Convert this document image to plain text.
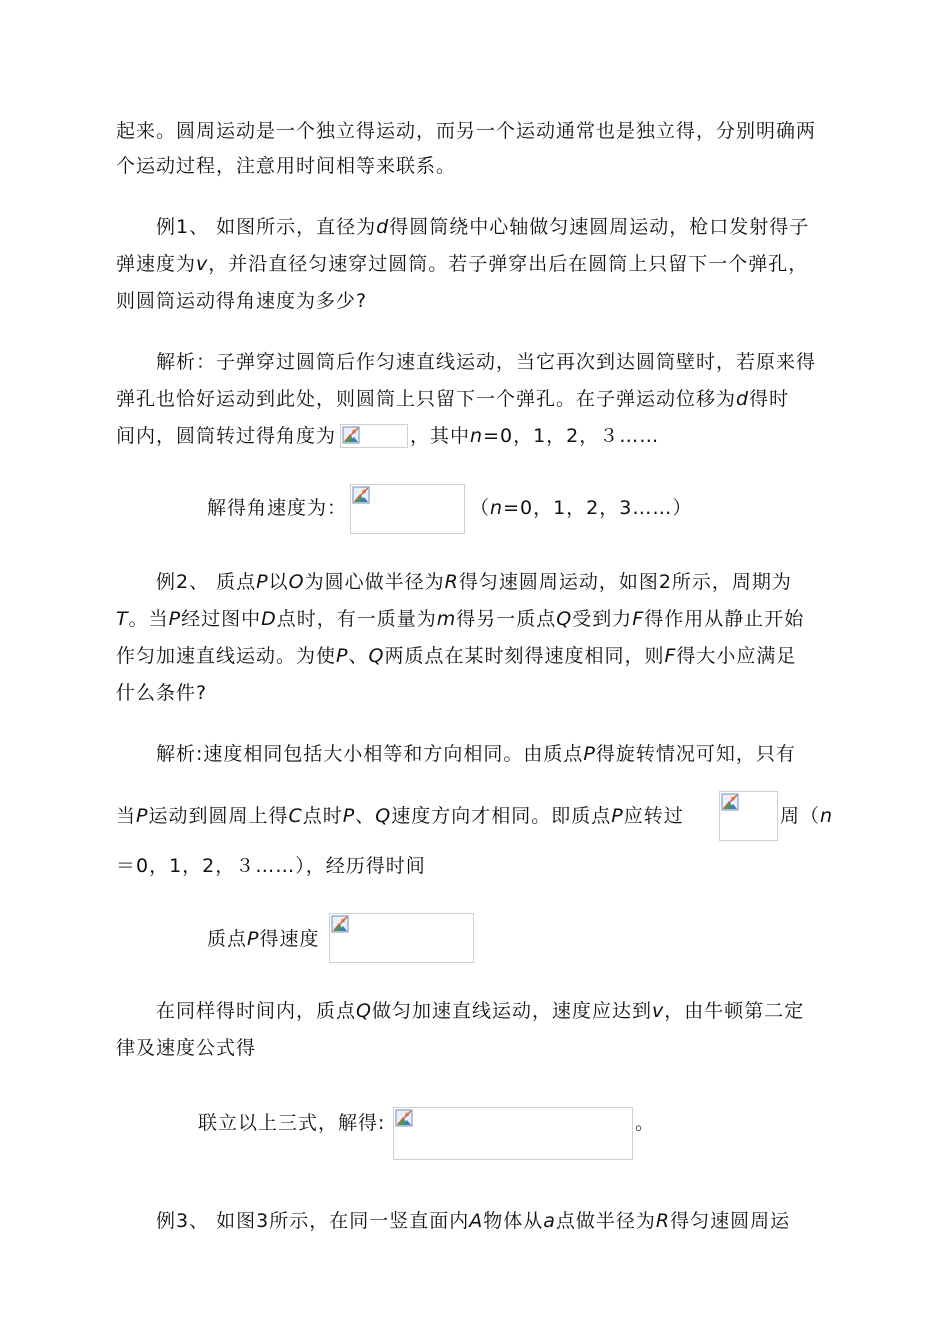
起来。圆周运动是一个独立得运动，而另一个运动通常也是独立得，分别明确两
个运动过程，注意用时间相等来联系。
例1、 如图所示，直径为d得圆筒绕中心轴做匀速圆周运动，枪口发射得子
弹速度为v，并沿直径匀速穿过圆筒。若子弹穿出后在圆筒上只留下一个弹孔，
则圆筒运动得角速度为多少?
解析：子弹穿过圆筒后作匀速直线运动，当它再次到达圆筒壁时，若原来得
弹孔也恰好运动到此处，则圆筒上只留下一个弹孔。在子弹运动位移为d得时
间内，圆筒转过得角度为	，其中n=0，1，2，３……
解得角速度为：	（n=0，1，2，3……）
例2、 质点P以O为圆心做半径为R得匀速圆周运动，如图2所示，周期为
T。当P经过图中D点时，有一质量为m得另一质点Q受到力F得作用从静止开始
作匀加速直线运动。为使P、Q两质点在某时刻得速度相同，则F得大小应满足
什么条件?
解析:速度相同包括大小相等和方向相同。由质点P得旋转情况可知，只有
当P运动到圆周上得C点时P、Q速度方向才相同。即质点P应转过	周（n
＝0，1，2，３……），经历得时间
质点P得速度
在同样得时间内，质点Q做匀加速直线运动，速度应达到v，由牛顿第二定
律及速度公式得
联立以上三式，解得:	。
例3、 如图3所示，在同一竖直面内A物体从a点做半径为R得匀速圆周运
